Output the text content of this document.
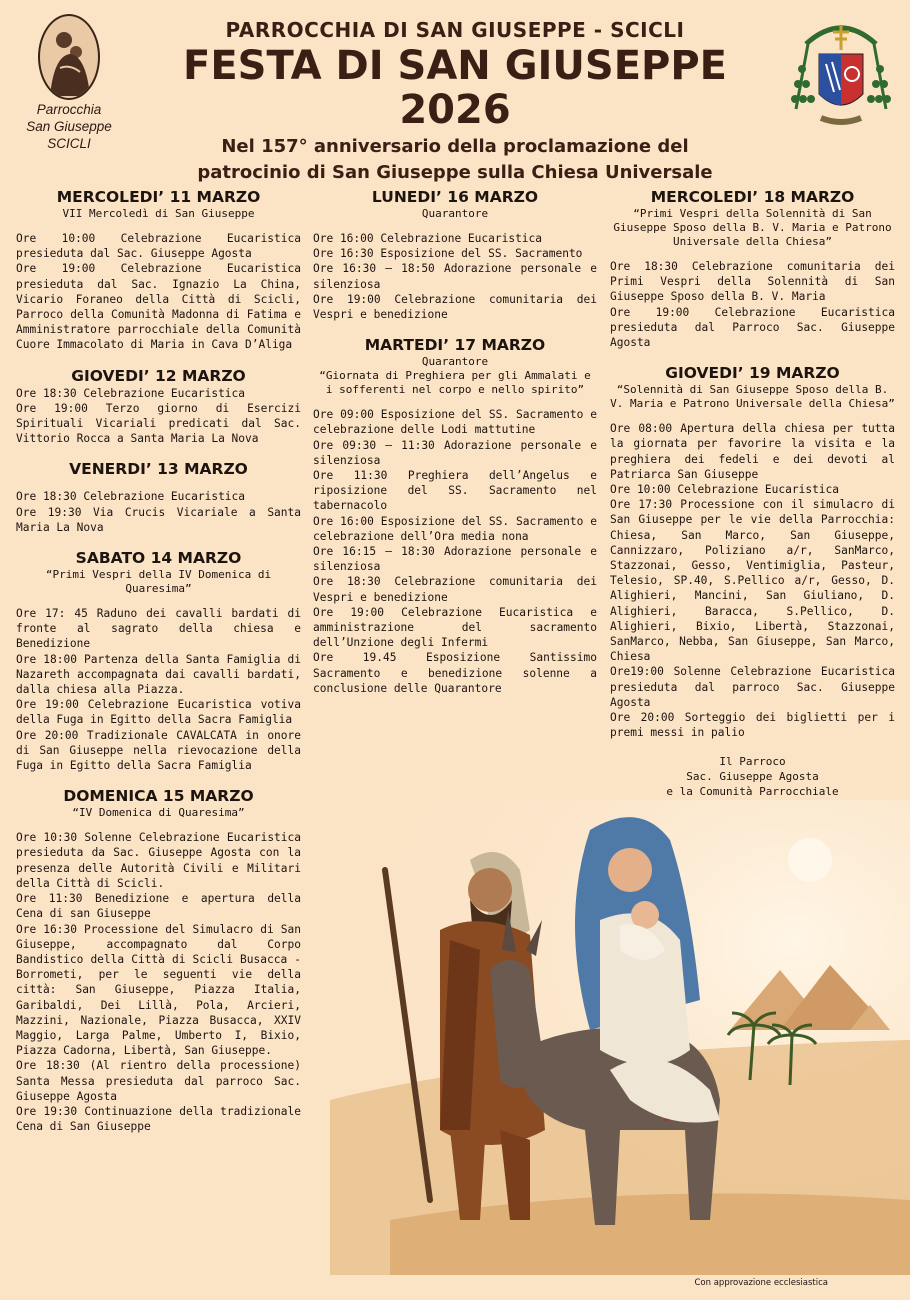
Parrocchia
San Giuseppe
SCICLI
PARROCCHIA DI SAN GIUSEPPE - SCICLI
FESTA DI SAN GIUSEPPE 2026
Nel 157° anniversario della proclamazione del
patrocinio di San Giuseppe sulla Chiesa Universale
MERCOLEDI’ 11 MARZO
VII Mercoledì di San Giuseppe

Ore 10:00 Celebrazione Eucaristica presieduta dal Sac. Giuseppe Agosta

Ore 19:00 Celebrazione Eucaristica presieduta dal Sac. Ignazio La China, Vicario Foraneo della Città di Scicli, Parroco della Comunità Madonna di Fatima e Amministratore parrocchiale della Comunità Cuore Immacolato di Maria in Cava D’Aliga

GIOVEDI’ 12 MARZO

Ore 18:30 Celebrazione Eucaristica

Ore 19:00 Terzo giorno di Esercizi Spirituali Vicariali predicati dal Sac. Vittorio Rocca a Santa Maria La Nova

VENERDI’ 13 MARZO

Ore 18:30 Celebrazione Eucaristica

Ore 19:30 Via Crucis Vicariale a Santa Maria La Nova

SABATO 14 MARZO
“Primi Vespri della IV Domenica di Quaresima”

Ore 17: 45 Raduno dei cavalli bardati di fronte al sagrato della chiesa e Benedizione

Ore 18:00 Partenza della Santa Famiglia di Nazareth accompagnata dai cavalli bardati, dalla chiesa alla Piazza.

Ore 19:00 Celebrazione Eucaristica votiva della Fuga in Egitto della Sacra Famiglia

Ore 20:00 Tradizionale CAVALCATA in onore di San Giuseppe nella rievocazione della Fuga in Egitto della Sacra Famiglia

DOMENICA 15 MARZO
“IV Domenica di Quaresima”

Ore 10:30 Solenne Celebrazione Eucaristica presieduta da Sac. Giuseppe Agosta con la presenza delle Autorità Civili e Militari della Città di Scicli.

Ore 11:30 Benedizione e apertura della Cena di san Giuseppe

Ore 16:30 Processione del Simulacro di San Giuseppe, accompagnato dal Corpo Bandistico della Città di Scicli Busacca - Borrometi, per le seguenti vie della città: San Giuseppe, Piazza Italia, Garibaldi, Dei Lillà, Pola, Arcieri, Mazzini, Nazionale, Piazza Busacca, XXIV Maggio, Larga Palme, Umberto I, Bixio, Piazza Cadorna, Libertà, San Giuseppe.

Ore 18:30 (Al rientro della processione) Santa Messa presieduta dal parroco Sac. Giuseppe Agosta

Ore 19:30 Continuazione della tradizionale Cena di San Giuseppe

LUNEDI’ 16 MARZO
Quarantore

Ore 16:00 Celebrazione Eucaristica

Ore 16:30 Esposizione del SS. Sacramento

Ore 16:30 – 18:50 Adorazione personale e silenziosa

Ore 19:00 Celebrazione comunitaria dei Vespri e benedizione

MARTEDI’ 17 MARZO
Quarantore
“Giornata di Preghiera per gli Ammalati e i sofferenti nel corpo e nello spirito”

Ore 09:00 Esposizione del SS. Sacramento e celebrazione delle Lodi mattutine

Ore 09:30 – 11:30 Adorazione personale e silenziosa

Ore 11:30 Preghiera dell’Angelus e riposizione del SS. Sacramento nel tabernacolo

Ore 16:00 Esposizione del SS. Sacramento e celebrazione dell’Ora media nona

Ore 16:15 – 18:30 Adorazione personale e silenziosa

Ore 18:30 Celebrazione comunitaria dei Vespri e benedizione

Ore 19:00 Celebrazione Eucaristica e amministrazione del sacramento dell’Unzione degli Infermi

Ore 19.45 Esposizione Santissimo Sacramento e benedizione solenne a conclusione delle Quarantore

MERCOLEDI’ 18 MARZO
“Primi Vespri della Solennità di San Giuseppe Sposo della B. V. Maria e Patrono Universale della Chiesa”

Ore 18:30 Celebrazione comunitaria dei Primi Vespri della Solennità di San Giuseppe Sposo della B. V. Maria

Ore 19:00 Celebrazione Eucaristica presieduta dal Parroco Sac. Giuseppe Agosta

GIOVEDI’ 19 MARZO
“Solennità di San Giuseppe Sposo della B. V. Maria e Patrono Universale della Chiesa”

Ore 08:00 Apertura della chiesa per tutta la giornata per favorire la visita e la preghiera dei fedeli e dei devoti al Patriarca San Giuseppe

Ore 10:00 Celebrazione Eucaristica

Ore 17:30 Processione con il simulacro di San Giuseppe per le vie della Parrocchia: Chiesa, San Marco, San Giuseppe, Cannizzaro, Poliziano a/r, SanMarco, Stazzonai, Gesso, Ventimiglia, Pasteur, Telesio, SP.40, S.Pellico a/r, Gesso, D. Alighieri, Mancini, San Giuliano, D. Alighieri, Baracca, S.Pellico, D. Alighieri, Bixio, Libertà, Stazzonai, SanMarco, Nebba, San Giuseppe, San Marco, Chiesa

Ore19:00 Solenne Celebrazione Eucaristica presieduta dal parroco Sac. Giuseppe Agosta

Ore 20:00 Sorteggio dei biglietti per i premi messi in palio

Il Parroco
Sac. Giuseppe Agosta
e la Comunità Parrocchiale
Con approvazione ecclesiastica
